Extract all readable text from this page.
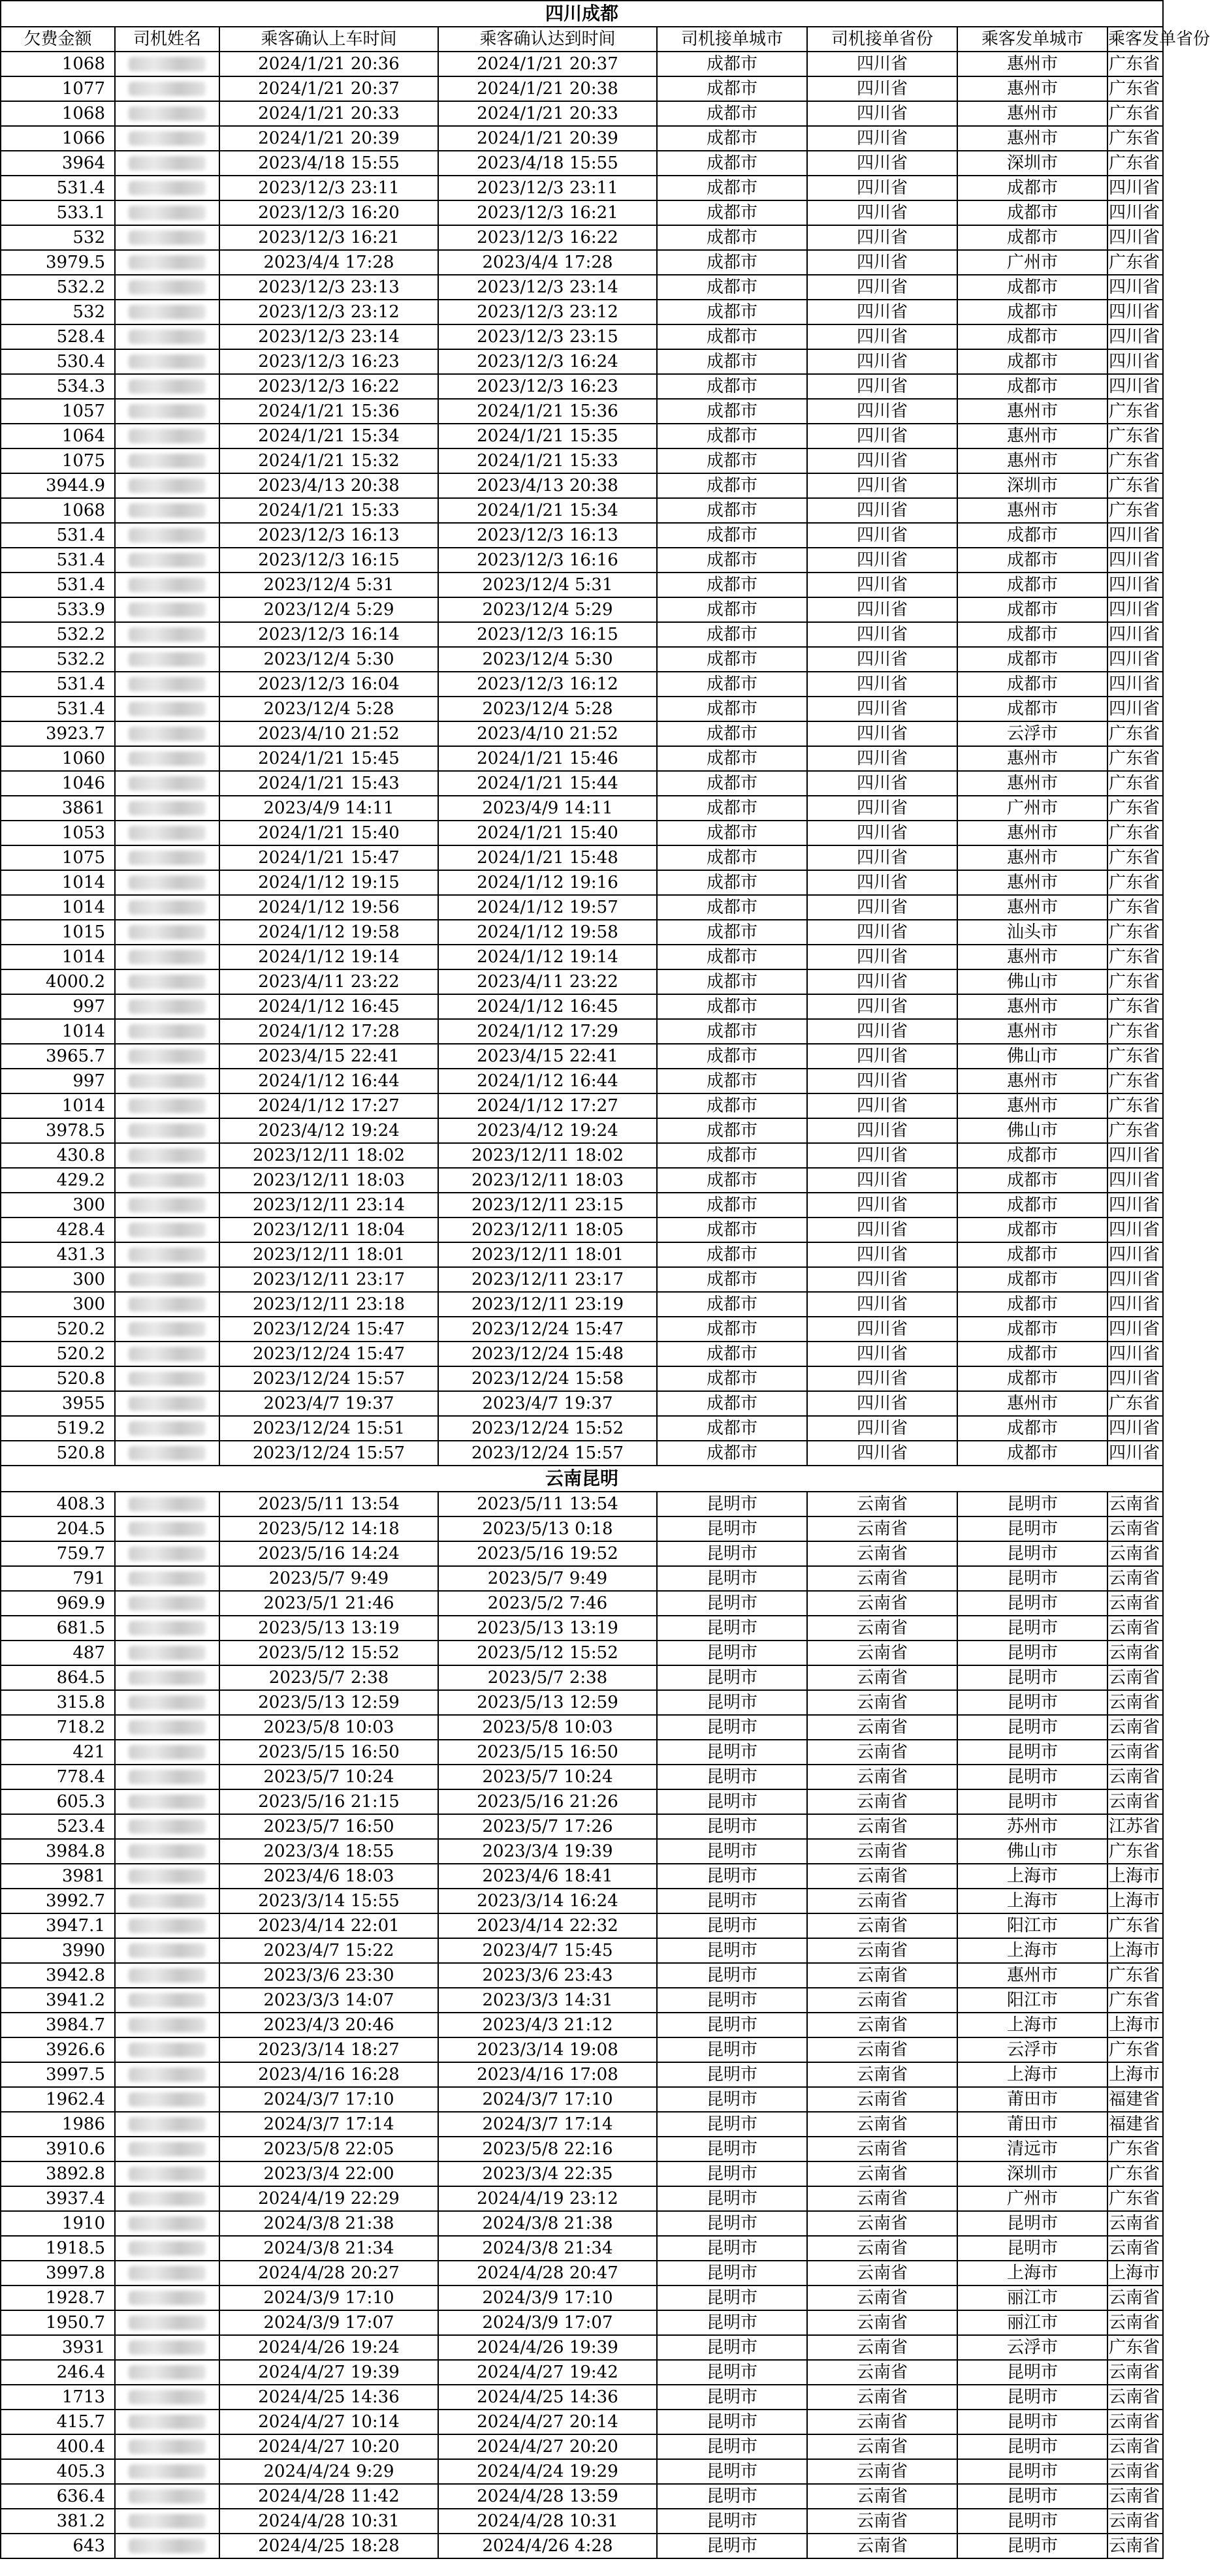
四川成都							
欠费金额	司机姓名	乘客确认上车时间	乘客确认达到时间	司机接单城市	司机接单省份	乘客发单城市	乘客发单省份
1068		2024/1/21 20:36	2024/1/21 20:37	成都市	四川省	惠州市	广东省
1077		2024/1/21 20:37	2024/1/21 20:38	成都市	四川省	惠州市	广东省
1068		2024/1/21 20:33	2024/1/21 20:33	成都市	四川省	惠州市	广东省
1066		2024/1/21 20:39	2024/1/21 20:39	成都市	四川省	惠州市	广东省
3964		2023/4/18 15:55	2023/4/18 15:55	成都市	四川省	深圳市	广东省
531.4		2023/12/3 23:11	2023/12/3 23:11	成都市	四川省	成都市	四川省
533.1		2023/12/3 16:20	2023/12/3 16:21	成都市	四川省	成都市	四川省
532		2023/12/3 16:21	2023/12/3 16:22	成都市	四川省	成都市	四川省
3979.5		2023/4/4 17:28	2023/4/4 17:28	成都市	四川省	广州市	广东省
532.2		2023/12/3 23:13	2023/12/3 23:14	成都市	四川省	成都市	四川省
532		2023/12/3 23:12	2023/12/3 23:12	成都市	四川省	成都市	四川省
528.4		2023/12/3 23:14	2023/12/3 23:15	成都市	四川省	成都市	四川省
530.4		2023/12/3 16:23	2023/12/3 16:24	成都市	四川省	成都市	四川省
534.3		2023/12/3 16:22	2023/12/3 16:23	成都市	四川省	成都市	四川省
1057		2024/1/21 15:36	2024/1/21 15:36	成都市	四川省	惠州市	广东省
1064		2024/1/21 15:34	2024/1/21 15:35	成都市	四川省	惠州市	广东省
1075		2024/1/21 15:32	2024/1/21 15:33	成都市	四川省	惠州市	广东省
3944.9		2023/4/13 20:38	2023/4/13 20:38	成都市	四川省	深圳市	广东省
1068		2024/1/21 15:33	2024/1/21 15:34	成都市	四川省	惠州市	广东省
531.4		2023/12/3 16:13	2023/12/3 16:13	成都市	四川省	成都市	四川省
531.4		2023/12/3 16:15	2023/12/3 16:16	成都市	四川省	成都市	四川省
531.4		2023/12/4 5:31	2023/12/4 5:31	成都市	四川省	成都市	四川省
533.9		2023/12/4 5:29	2023/12/4 5:29	成都市	四川省	成都市	四川省
532.2		2023/12/3 16:14	2023/12/3 16:15	成都市	四川省	成都市	四川省
532.2		2023/12/4 5:30	2023/12/4 5:30	成都市	四川省	成都市	四川省
531.4		2023/12/3 16:04	2023/12/3 16:12	成都市	四川省	成都市	四川省
531.4		2023/12/4 5:28	2023/12/4 5:28	成都市	四川省	成都市	四川省
3923.7		2023/4/10 21:52	2023/4/10 21:52	成都市	四川省	云浮市	广东省
1060		2024/1/21 15:45	2024/1/21 15:46	成都市	四川省	惠州市	广东省
1046		2024/1/21 15:43	2024/1/21 15:44	成都市	四川省	惠州市	广东省
3861		2023/4/9 14:11	2023/4/9 14:11	成都市	四川省	广州市	广东省
1053		2024/1/21 15:40	2024/1/21 15:40	成都市	四川省	惠州市	广东省
1075		2024/1/21 15:47	2024/1/21 15:48	成都市	四川省	惠州市	广东省
1014		2024/1/12 19:15	2024/1/12 19:16	成都市	四川省	惠州市	广东省
1014		2024/1/12 19:56	2024/1/12 19:57	成都市	四川省	惠州市	广东省
1015		2024/1/12 19:58	2024/1/12 19:58	成都市	四川省	汕头市	广东省
1014		2024/1/12 19:14	2024/1/12 19:14	成都市	四川省	惠州市	广东省
4000.2		2023/4/11 23:22	2023/4/11 23:22	成都市	四川省	佛山市	广东省
997		2024/1/12 16:45	2024/1/12 16:45	成都市	四川省	惠州市	广东省
1014		2024/1/12 17:28	2024/1/12 17:29	成都市	四川省	惠州市	广东省
3965.7		2023/4/15 22:41	2023/4/15 22:41	成都市	四川省	佛山市	广东省
997		2024/1/12 16:44	2024/1/12 16:44	成都市	四川省	惠州市	广东省
1014		2024/1/12 17:27	2024/1/12 17:27	成都市	四川省	惠州市	广东省
3978.5		2023/4/12 19:24	2023/4/12 19:24	成都市	四川省	佛山市	广东省
430.8		2023/12/11 18:02	2023/12/11 18:02	成都市	四川省	成都市	四川省
429.2		2023/12/11 18:03	2023/12/11 18:03	成都市	四川省	成都市	四川省
300		2023/12/11 23:14	2023/12/11 23:15	成都市	四川省	成都市	四川省
428.4		2023/12/11 18:04	2023/12/11 18:05	成都市	四川省	成都市	四川省
431.3		2023/12/11 18:01	2023/12/11 18:01	成都市	四川省	成都市	四川省
300		2023/12/11 23:17	2023/12/11 23:17	成都市	四川省	成都市	四川省
300		2023/12/11 23:18	2023/12/11 23:19	成都市	四川省	成都市	四川省
520.2		2023/12/24 15:47	2023/12/24 15:47	成都市	四川省	成都市	四川省
520.2		2023/12/24 15:47	2023/12/24 15:48	成都市	四川省	成都市	四川省
520.8		2023/12/24 15:57	2023/12/24 15:58	成都市	四川省	成都市	四川省
3955		2023/4/7 19:37	2023/4/7 19:37	成都市	四川省	惠州市	广东省
519.2		2023/12/24 15:51	2023/12/24 15:52	成都市	四川省	成都市	四川省
520.8		2023/12/24 15:57	2023/12/24 15:57	成都市	四川省	成都市	四川省
云南昆明							
408.3		2023/5/11 13:54	2023/5/11 13:54	昆明市	云南省	昆明市	云南省
204.5		2023/5/12 14:18	2023/5/13 0:18	昆明市	云南省	昆明市	云南省
759.7		2023/5/16 14:24	2023/5/16 19:52	昆明市	云南省	昆明市	云南省
791		2023/5/7 9:49	2023/5/7 9:49	昆明市	云南省	昆明市	云南省
969.9		2023/5/1 21:46	2023/5/2 7:46	昆明市	云南省	昆明市	云南省
681.5		2023/5/13 13:19	2023/5/13 13:19	昆明市	云南省	昆明市	云南省
487		2023/5/12 15:52	2023/5/12 15:52	昆明市	云南省	昆明市	云南省
864.5		2023/5/7 2:38	2023/5/7 2:38	昆明市	云南省	昆明市	云南省
315.8		2023/5/13 12:59	2023/5/13 12:59	昆明市	云南省	昆明市	云南省
718.2		2023/5/8 10:03	2023/5/8 10:03	昆明市	云南省	昆明市	云南省
421		2023/5/15 16:50	2023/5/15 16:50	昆明市	云南省	昆明市	云南省
778.4		2023/5/7 10:24	2023/5/7 10:24	昆明市	云南省	昆明市	云南省
605.3		2023/5/16 21:15	2023/5/16 21:26	昆明市	云南省	昆明市	云南省
523.4		2023/5/7 16:50	2023/5/7 17:26	昆明市	云南省	苏州市	江苏省
3984.8		2023/3/4 18:55	2023/3/4 19:39	昆明市	云南省	佛山市	广东省
3981		2023/4/6 18:03	2023/4/6 18:41	昆明市	云南省	上海市	上海市
3992.7		2023/3/14 15:55	2023/3/14 16:24	昆明市	云南省	上海市	上海市
3947.1		2023/4/14 22:01	2023/4/14 22:32	昆明市	云南省	阳江市	广东省
3990		2023/4/7 15:22	2023/4/7 15:45	昆明市	云南省	上海市	上海市
3942.8		2023/3/6 23:30	2023/3/6 23:43	昆明市	云南省	惠州市	广东省
3941.2		2023/3/3 14:07	2023/3/3 14:31	昆明市	云南省	阳江市	广东省
3984.7		2023/4/3 20:46	2023/4/3 21:12	昆明市	云南省	上海市	上海市
3926.6		2023/3/14 18:27	2023/3/14 19:08	昆明市	云南省	云浮市	广东省
3997.5		2023/4/16 16:28	2023/4/16 17:08	昆明市	云南省	上海市	上海市
1962.4		2024/3/7 17:10	2024/3/7 17:10	昆明市	云南省	莆田市	福建省
1986		2024/3/7 17:14	2024/3/7 17:14	昆明市	云南省	莆田市	福建省
3910.6		2023/5/8 22:05	2023/5/8 22:16	昆明市	云南省	清远市	广东省
3892.8		2023/3/4 22:00	2023/3/4 22:35	昆明市	云南省	深圳市	广东省
3937.4		2024/4/19 22:29	2024/4/19 23:12	昆明市	云南省	广州市	广东省
1910		2024/3/8 21:38	2024/3/8 21:38	昆明市	云南省	昆明市	云南省
1918.5		2024/3/8 21:34	2024/3/8 21:34	昆明市	云南省	昆明市	云南省
3997.8		2024/4/28 20:27	2024/4/28 20:47	昆明市	云南省	上海市	上海市
1928.7		2024/3/9 17:10	2024/3/9 17:10	昆明市	云南省	丽江市	云南省
1950.7		2024/3/9 17:07	2024/3/9 17:07	昆明市	云南省	丽江市	云南省
3931		2024/4/26 19:24	2024/4/26 19:39	昆明市	云南省	云浮市	广东省
246.4		2024/4/27 19:39	2024/4/27 19:42	昆明市	云南省	昆明市	云南省
1713		2024/4/25 14:36	2024/4/25 14:36	昆明市	云南省	昆明市	云南省
415.7		2024/4/27 10:14	2024/4/27 20:14	昆明市	云南省	昆明市	云南省
400.4		2024/4/27 10:20	2024/4/27 20:20	昆明市	云南省	昆明市	云南省
405.3		2024/4/24 9:29	2024/4/24 19:29	昆明市	云南省	昆明市	云南省
636.4		2024/4/28 11:42	2024/4/28 13:59	昆明市	云南省	昆明市	云南省
381.2		2024/4/28 10:31	2024/4/28 10:31	昆明市	云南省	昆明市	云南省
643		2024/4/25 18:28	2024/4/26 4:28	昆明市	云南省	昆明市	云南省
